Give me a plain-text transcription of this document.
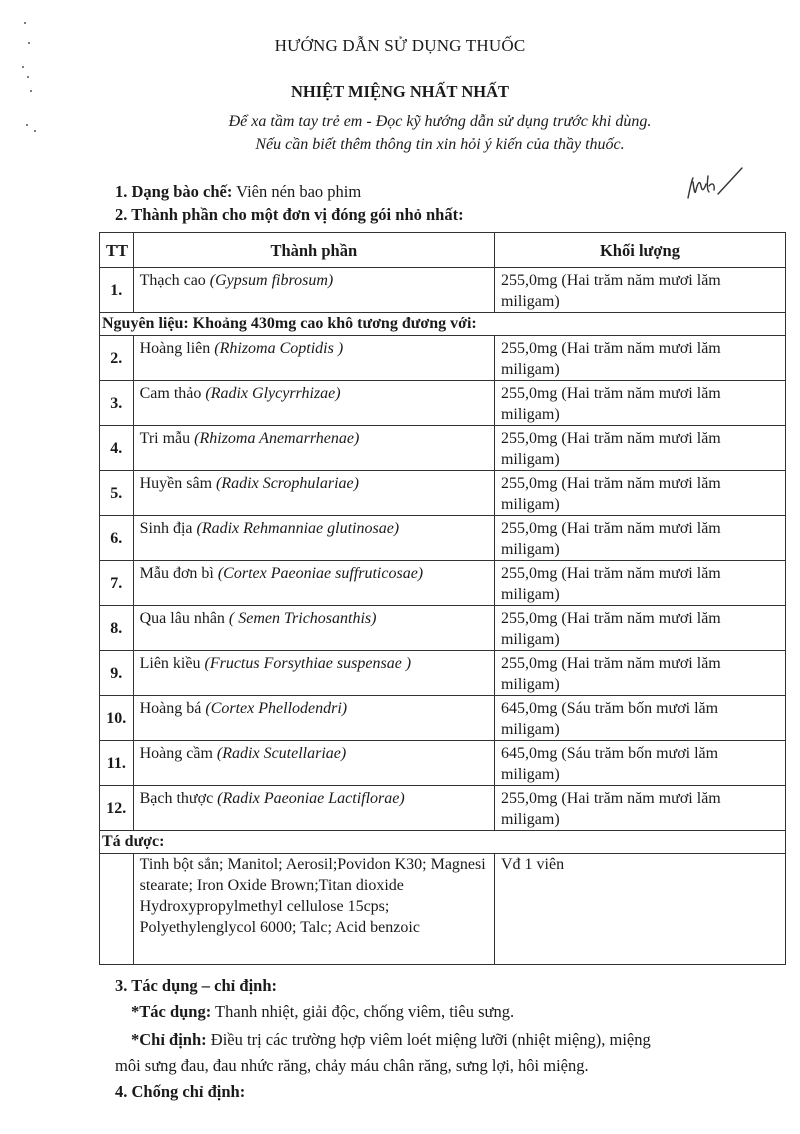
HƯỚNG DẪN SỬ DỤNG THUỐC
NHIỆT MIỆNG NHẤT NHẤT
Để xa tầm tay trẻ em - Đọc kỹ hướng dẫn sử dụng trước khi dùng.
Nếu cần biết thêm thông tin xin hỏi ý kiến của thầy thuốc.
1. Dạng bào chế: Viên nén bao phim
2. Thành phần cho một đơn vị đóng gói nhỏ nhất:
TT	Thành phần	Khối lượng
1.	Thạch cao (Gypsum fibrosum)	255,0mg (Hai trăm năm mươi lăm miligam)
Nguyên liệu: Khoảng 430mg cao khô tương đương với:		
2.	Hoàng liên (Rhizoma Coptidis )	255,0mg (Hai trăm năm mươi lăm miligam)
3.	Cam thảo (Radix Glycyrrhizae)	255,0mg (Hai trăm năm mươi lăm miligam)
4.	Tri mẫu (Rhizoma Anemarrhenae)	255,0mg (Hai trăm năm mươi lăm miligam)
5.	Huyền sâm (Radix Scrophulariae)	255,0mg (Hai trăm năm mươi lăm miligam)
6.	Sinh địa (Radix Rehmanniae glutinosae)	255,0mg (Hai trăm năm mươi lăm miligam)
7.	Mẫu đơn bì (Cortex Paeoniae suffruticosae)	255,0mg (Hai trăm năm mươi lăm miligam)
8.	Qua lâu nhân ( Semen Trichosanthis)	255,0mg (Hai trăm năm mươi lăm miligam)
9.	Liên kiều (Fructus Forsythiae suspensae )	255,0mg (Hai trăm năm mươi lăm miligam)
10.	Hoàng bá (Cortex Phellodendri)	645,0mg (Sáu trăm bốn mươi lăm miligam)
11.	Hoàng cầm (Radix Scutellariae)	645,0mg (Sáu trăm bốn mươi lăm miligam)
12.	Bạch thược (Radix Paeoniae Lactiflorae)	255,0mg (Hai trăm năm mươi lăm miligam)
Tá dược:		
	Tinh bột sắn; Manitol; Aerosil;Povidon K30; Magnesi stearate; Iron Oxide Brown;Titan dioxide Hydroxypropylmethyl cellulose 15cps; Polyethylenglycol 6000; Talc; Acid benzoic	Vđ 1 viên
3. Tác dụng – chỉ định:
*Tác dụng: Thanh nhiệt, giải độc, chống viêm, tiêu sưng.
*Chỉ định: Điều trị các trường hợp viêm loét miệng lưỡi (nhiệt miệng), miệng
môi sưng đau, đau nhức răng, chảy máu chân răng, sưng lợi, hôi miệng.
4. Chống chỉ định:
